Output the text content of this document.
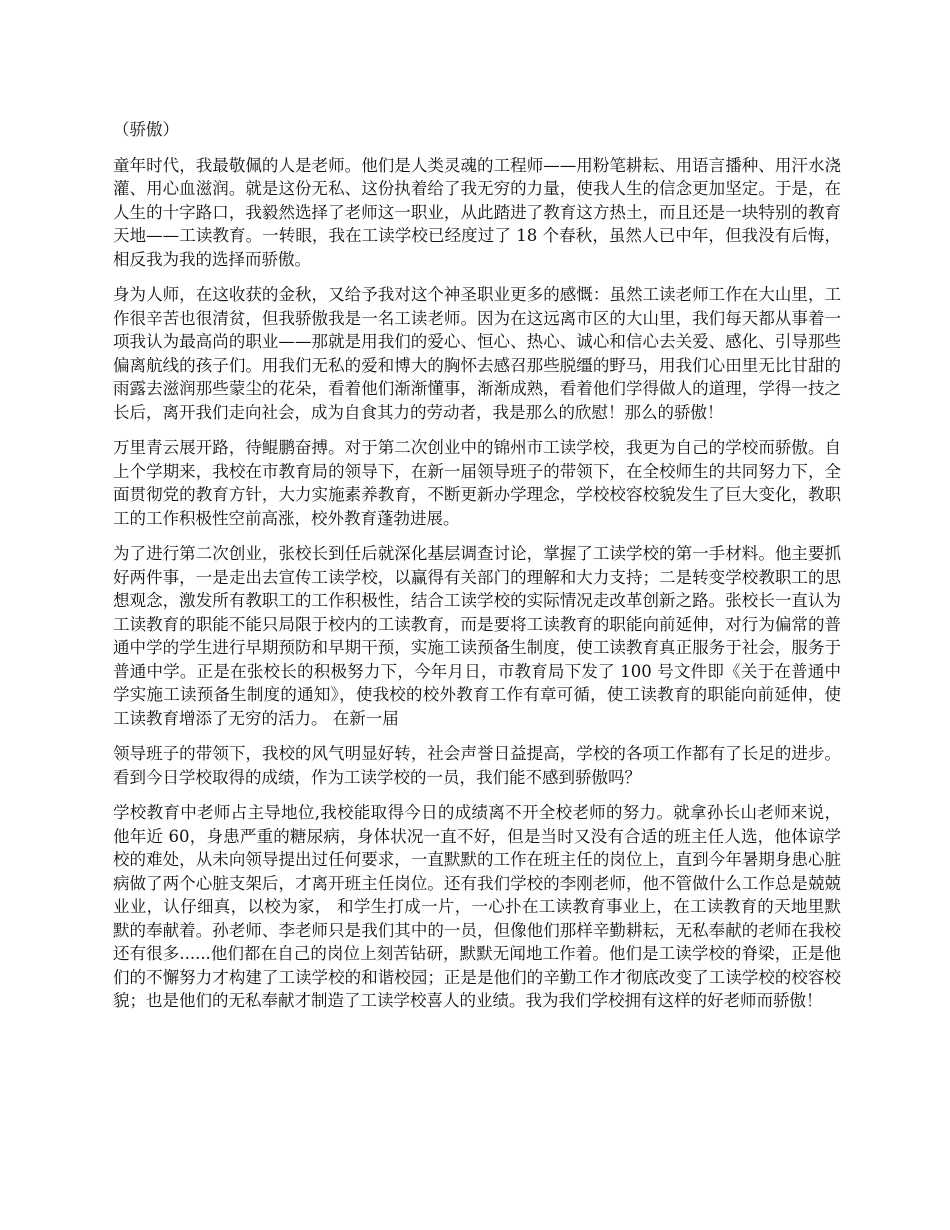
（骄傲）

童年时代，我最敬佩的人是老师。他们是人类灵魂的工程师——用粉笔耕耘、用语言播种、用汗水浇灌、用心血滋润。就是这份无私、这份执着给了我无穷的力量，使我人生的信念更加坚定。于是，在人生的十字路口，我毅然选择了老师这一职业，从此踏进了教育这方热土，而且还是一块特别的教育天地——工读教育。一转眼，我在工读学校已经度过了 18 个春秋，虽然人已中年，但我没有后悔，相反我为我的选择而骄傲。

身为人师，在这收获的金秋，又给予我对这个神圣职业更多的感慨：虽然工读老师工作在大山里，工作很辛苦也很清贫，但我骄傲我是一名工读老师。因为在这远离市区的大山里，我们每天都从事着一项我认为最高尚的职业——那就是用我们的爱心、恒心、热心、诚心和信心去关爱、感化、引导那些偏离航线的孩子们。用我们无私的爱和博大的胸怀去感召那些脱缰的野马，用我们心田里无比甘甜的雨露去滋润那些蒙尘的花朵，看着他们渐渐懂事，渐渐成熟，看着他们学得做人的道理，学得一技之长后，离开我们走向社会，成为自食其力的劳动者，我是那么的欣慰！那么的骄傲！

万里青云展开路，待鲲鹏奋搏。对于第二次创业中的锦州市工读学校，我更为自己的学校而骄傲。自上个学期来，我校在市教育局的领导下，在新一届领导班子的带领下，在全校师生的共同努力下，全面贯彻党的教育方针，大力实施素养教育，不断更新办学理念，学校校容校貌发生了巨大变化，教职工的工作积极性空前高涨，校外教育蓬勃进展。

为了进行第二次创业，张校长到任后就深化基层调查讨论，掌握了工读学校的第一手材料。他主要抓好两件事，一是走出去宣传工读学校，以赢得有关部门的理解和大力支持；二是转变学校教职工的思想观念，激发所有教职工的工作积极性，结合工读学校的实际情况走改革创新之路。张校长一直认为工读教育的职能不能只局限于校内的工读教育，而是要将工读教育的职能向前延伸，对行为偏常的普通中学的学生进行早期预防和早期干预，实施工读预备生制度，使工读教育真正服务于社会，服务于普通中学。正是在张校长的积极努力下，今年月日，市教育局下发了 100 号文件即《关于在普通中学实施工读预备生制度的通知》，使我校的校外教育工作有章可循，使工读教育的职能向前延伸，使工读教育增添了无穷的活力。 在新一届

领导班子的带领下，我校的风气明显好转，社会声誉日益提高，学校的各项工作都有了长足的进步。看到今日学校取得的成绩，作为工读学校的一员，我们能不感到骄傲吗？

学校教育中老师占主导地位,我校能取得今日的成绩离不开全校老师的努力。就拿孙长山老师来说，他年近 60，身患严重的糖尿病，身体状况一直不好，但是当时又没有合适的班主任人选，他体谅学校的难处，从未向领导提出过任何要求，一直默默的工作在班主任的岗位上，直到今年暑期身患心脏病做了两个心脏支架后，才离开班主任岗位。还有我们学校的李刚老师，他不管做什么工作总是兢兢业业，认仔细真，以校为家， 和学生打成一片，一心扑在工读教育事业上，在工读教育的天地里默默的奉献着。孙老师、李老师只是我们其中的一员，但像他们那样辛勤耕耘，无私奉献的老师在我校还有很多......他们都在自己的岗位上刻苦钻研，默默无闻地工作着。他们是工读学校的脊梁，正是他们的不懈努力才构建了工读学校的和谐校园；正是是他们的辛勤工作才彻底改变了工读学校的校容校貌；也是他们的无私奉献才制造了工读学校喜人的业绩。我为我们学校拥有这样的好老师而骄傲！
